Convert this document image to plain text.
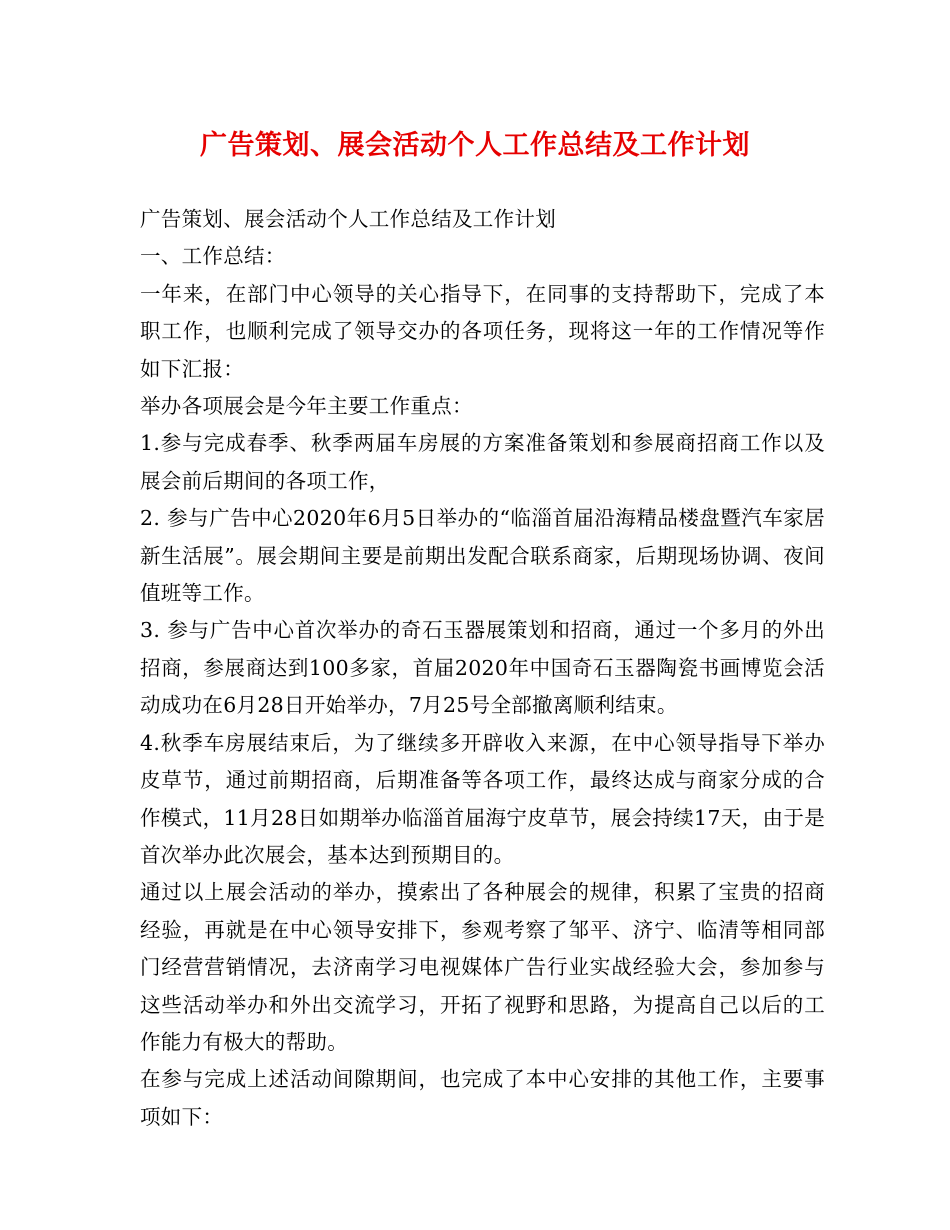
广告策划、展会活动个人工作总结及工作计划

广告策划、展会活动个人工作总结及工作计划

一、工作总结：

一年来，在部门中心领导的关心指导下，在同事的支持帮助下，完成了本职工作，也顺利完成了领导交办的各项任务，现将这一年的工作情况等作如下汇报：

举办各项展会是今年主要工作重点：

1.参与完成春季、秋季两届车房展的方案准备策划和参展商招商工作以及展会前后期间的各项工作，

2. 参与广告中心2020年6月5日举办的“临淄首届沿海精品楼盘暨汽车家居新生活展”。展会期间主要是前期出发配合联系商家，后期现场协调、夜间值班等工作。

3. 参与广告中心首次举办的奇石玉器展策划和招商，通过一个多月的外出招商，参展商达到100多家，首届2020年中国奇石玉器陶瓷书画博览会活动成功在6月28日开始举办，7月25号全部撤离顺利结束。

4.秋季车房展结束后，为了继续多开辟收入来源，在中心领导指导下举办皮草节，通过前期招商，后期准备等各项工作，最终达成与商家分成的合作模式，11月28日如期举办临淄首届海宁皮草节，展会持续17天，由于是首次举办此次展会，基本达到预期目的。

通过以上展会活动的举办，摸索出了各种展会的规律，积累了宝贵的招商经验，再就是在中心领导安排下，参观考察了邹平、济宁、临清等相同部门经营营销情况，去济南学习电视媒体广告行业实战经验大会，参加参与这些活动举办和外出交流学习，开拓了视野和思路，为提高自己以后的工作能力有极大的帮助。

在参与完成上述活动间隙期间，也完成了本中心安排的其他工作，主要事项如下：
